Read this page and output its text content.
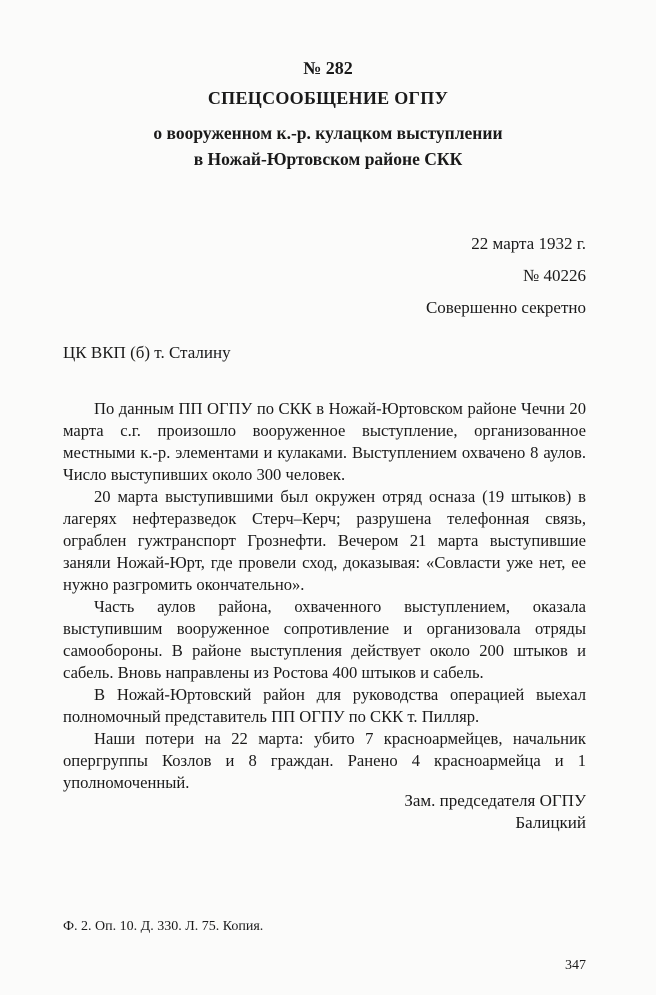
№ 282
СПЕЦСООБЩЕНИЕ ОГПУ
о вооруженном к.-р. кулацком выступлении
в Ножай-Юртовском районе СКК
22 марта 1932 г.
№ 40226
Совершенно секретно
ЦК ВКП (б) т. Сталину

По данным ПП ОГПУ по СКК в Ножай-Юртовском районе Чечни 20 марта с.г. произошло вооруженное выступление, организованное местными к.-р. элементами и кулаками. Выступлением охвачено 8 аулов. Число выступивших около 300 человек.

20 марта выступившими был окружен отряд осназа (19 штыков) в лагерях нефтеразведок Стерч–Керч; разрушена телефонная связь, ограблен гужтранспорт Грознефти. Вечером 21 марта выступившие заняли Ножай-Юрт, где провели сход, доказывая: «Совласти уже нет, ее нужно разгромить окончательно».

Часть аулов района, охваченного выступлением, оказала выступившим вооруженное сопротивление и организовала отряды самообороны. В районе выступления действует около 200 штыков и сабель. Вновь направлены из Ростова 400 штыков и сабель.

В Ножай-Юртовский район для руководства операцией выехал полномочный представитель ПП ОГПУ по СКК т. Пилляр.

Наши потери на 22 марта: убито 7 красноармейцев, начальник опергруппы Козлов и 8 граждан. Ранено 4 красноармейца и 1 уполномоченный.

Зам. председателя ОГПУ
Балицкий
Ф. 2. Оп. 10. Д. 330. Л. 75. Копия.
347
